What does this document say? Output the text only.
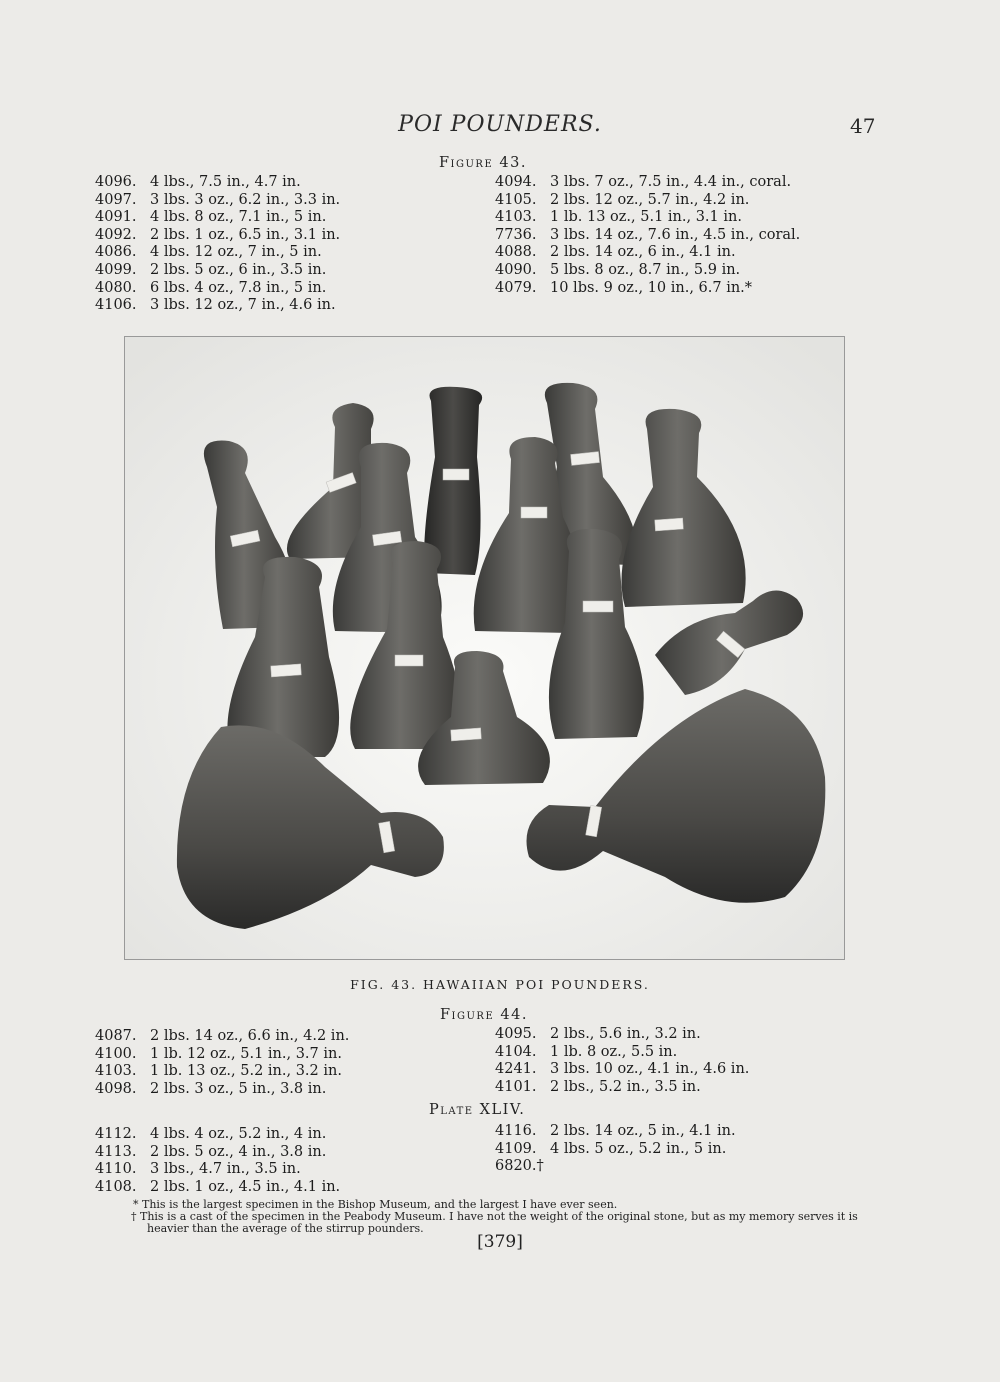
POI POUNDERS.	47
Figure 43.
4096. 4 lbs., 7.5 in., 4.7 in.
4097. 3 lbs. 3 oz., 6.2 in., 3.3 in.
4091. 4 lbs. 8 oz., 7.1 in., 5 in.
4092. 2 lbs. 1 oz., 6.5 in., 3.1 in.
4086. 4 lbs. 12 oz., 7 in., 5 in.
4099. 2 lbs. 5 oz., 6 in., 3.5 in.
4080. 6 lbs. 4 oz., 7.8 in., 5 in.
4106. 3 lbs. 12 oz., 7 in., 4.6 in.
4094. 3 lbs. 7 oz., 7.5 in., 4.4 in., coral.
4105. 2 lbs. 12 oz., 5.7 in., 4.2 in.
4103. 1 lb. 13 oz., 5.1 in., 3.1 in.
7736. 3 lbs. 14 oz., 7.6 in., 4.5 in., coral.
4088. 2 lbs. 14 oz., 6 in., 4.1 in.
4090. 5 lbs. 8 oz., 8.7 in., 5.9 in.
4079. 10 lbs. 9 oz., 10 in., 6.7 in.*
FIG. 43. HAWAIIAN POI POUNDERS.
Figure 44.
4087. 2 lbs. 14 oz., 6.6 in., 4.2 in.
4100. 1 lb. 12 oz., 5.1 in., 3.7 in.
4103. 1 lb. 13 oz., 5.2 in., 3.2 in.
4098. 2 lbs. 3 oz., 5 in., 3.8 in.
4095. 2 lbs., 5.6 in., 3.2 in.
4104. 1 lb. 8 oz., 5.5 in.
4241. 3 lbs. 10 oz., 4.1 in., 4.6 in.
4101. 2 lbs., 5.2 in., 3.5 in.
Plate XLIV.
4112. 4 lbs. 4 oz., 5.2 in., 4 in.
4113. 2 lbs. 5 oz., 4 in., 3.8 in.
4110. 3 lbs., 4.7 in., 3.5 in.
4108. 2 lbs. 1 oz., 4.5 in., 4.1 in.
4116. 2 lbs. 14 oz., 5 in., 4.1 in.
4109. 4 lbs. 5 oz., 5.2 in., 5 in.
6820.†
* This is the largest specimen in the Bishop Museum, and the largest I have ever seen.
† This is a cast of the specimen in the Peabody Museum. I have not the weight of the original stone, but as my memory serves it is
heavier than the average of the stirrup pounders.
[379]
